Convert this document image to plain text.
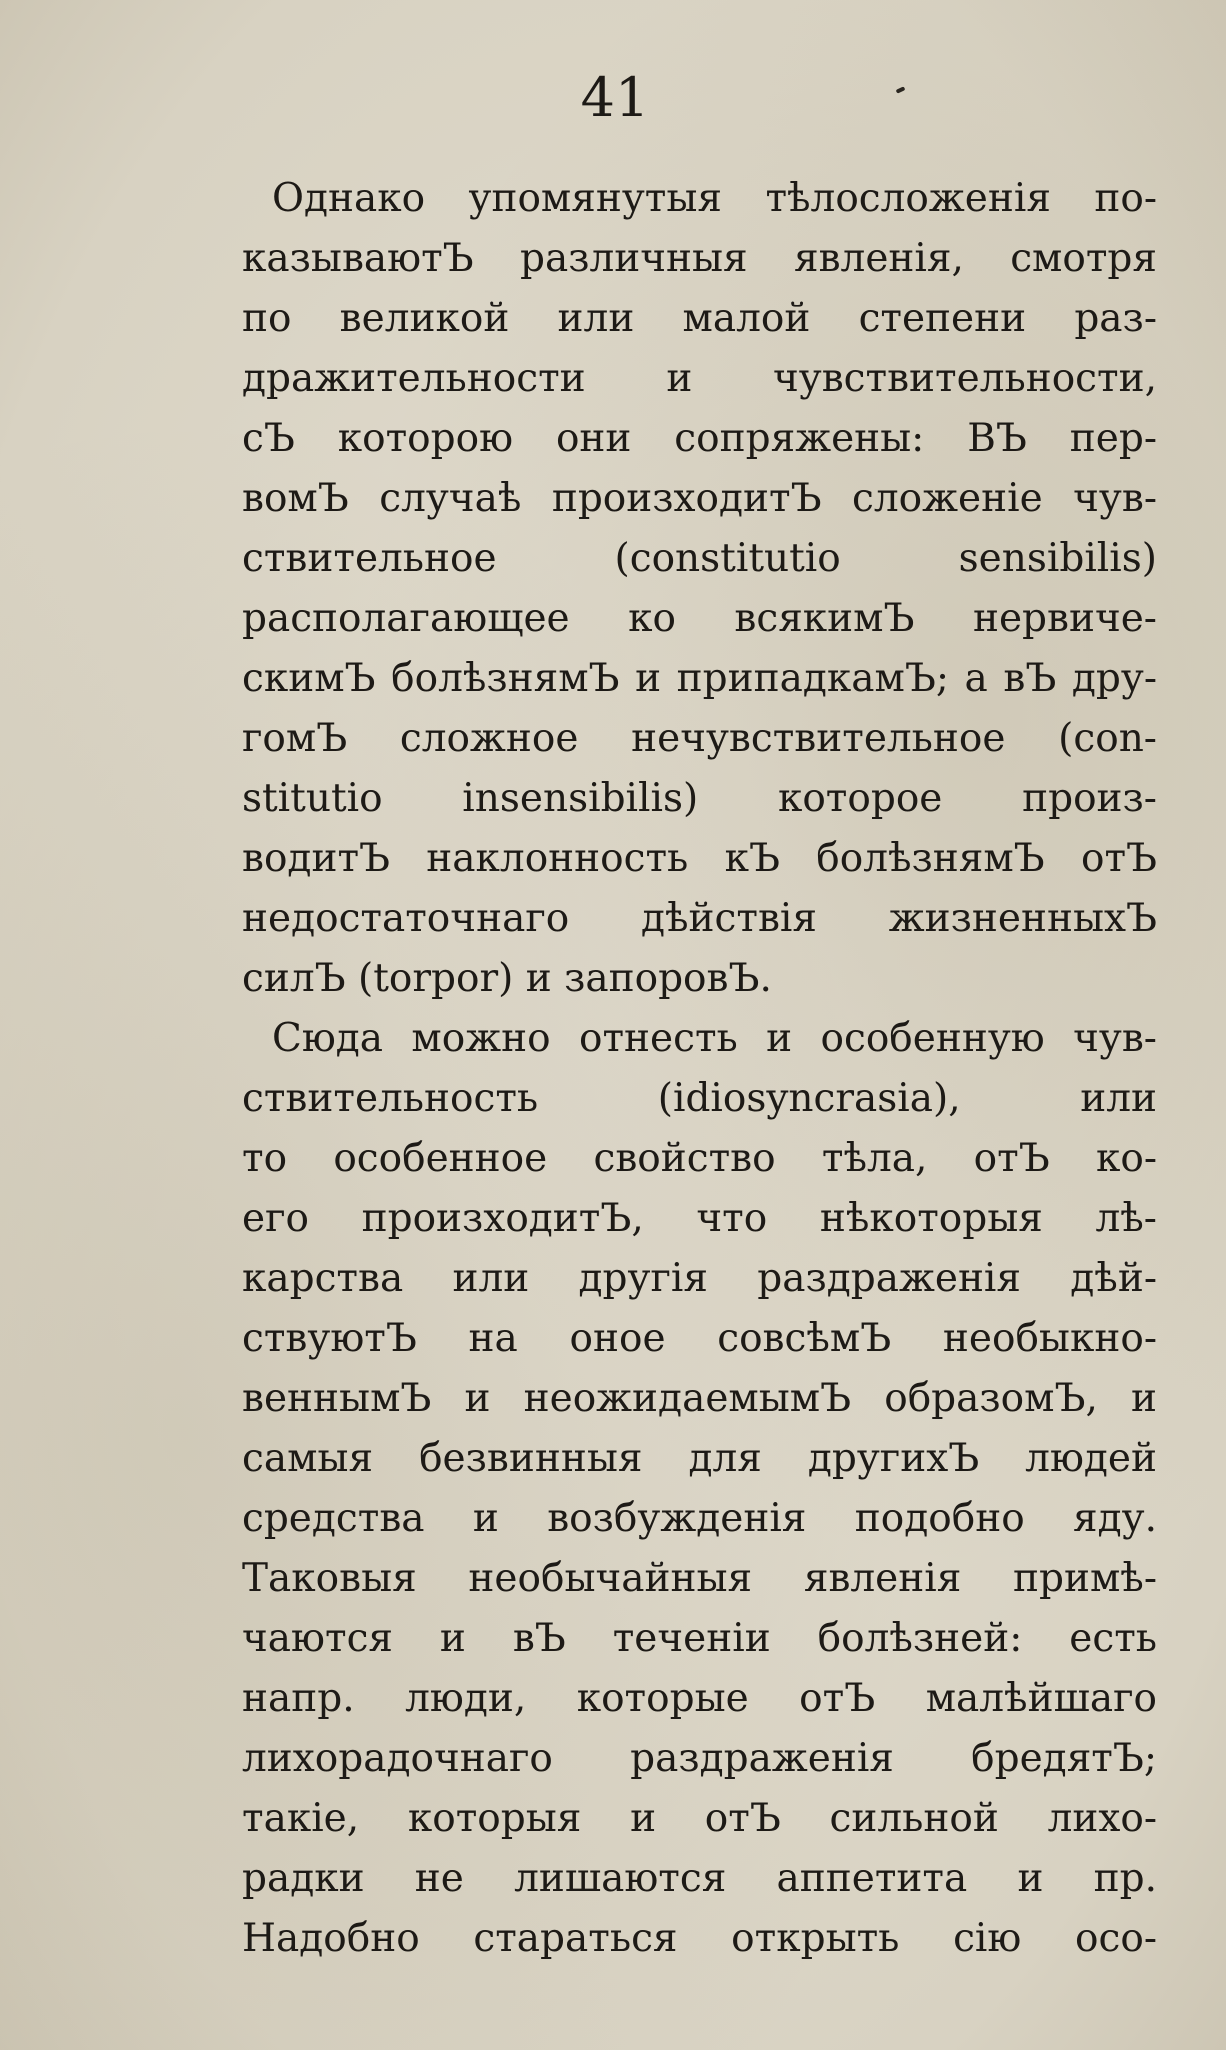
41
Однако упомянутыя тѣлосложенія по-
казываютЪ различныя явленія, смотря
по великой или малой степени раз-
дражительности и чувствительности,
сЪ которою они сопряжены: ВЪ пер-
вомЪ случаѣ произходитЪ сложеніе чув-
ствительное (constitutio sensibilis)
располагающее ко всякимЪ нервиче-
скимЪ болѣзнямЪ и припадкамЪ; а вЪ дру-
гомЪ сложное нечувствительное (con-
stitutio insensibilis) которое произ-
водитЪ наклонность кЪ болѣзнямЪ отЪ
недостаточнаго дѣйствія жизненныхЪ
силЪ (torpor) и запоровЪ.
Сюда можно отнесть и особенную чув-
ствительность (idiosyncrasia), или
то особенное свойство тѣла, отЪ ко-
его произходитЪ, что нѣкоторыя лѣ-
карства или другія раздраженія дѣй-
ствуютЪ на оное совсѣмЪ необыкно-
веннымЪ и неожидаемымЪ образомЪ, и
самыя безвинныя для другихЪ людей
средства и возбужденія подобно яду.
Таковыя необычайныя явленія примѣ-
чаются и вЪ теченіи болѣзней: есть
напр. люди, которые отЪ малѣйшаго
лихорадочнаго раздраженія бредятЪ;
такіе, которыя и отЪ сильной лихо-
радки не лишаются аппетита и пр.
Надобно стараться открыть сію осо-
